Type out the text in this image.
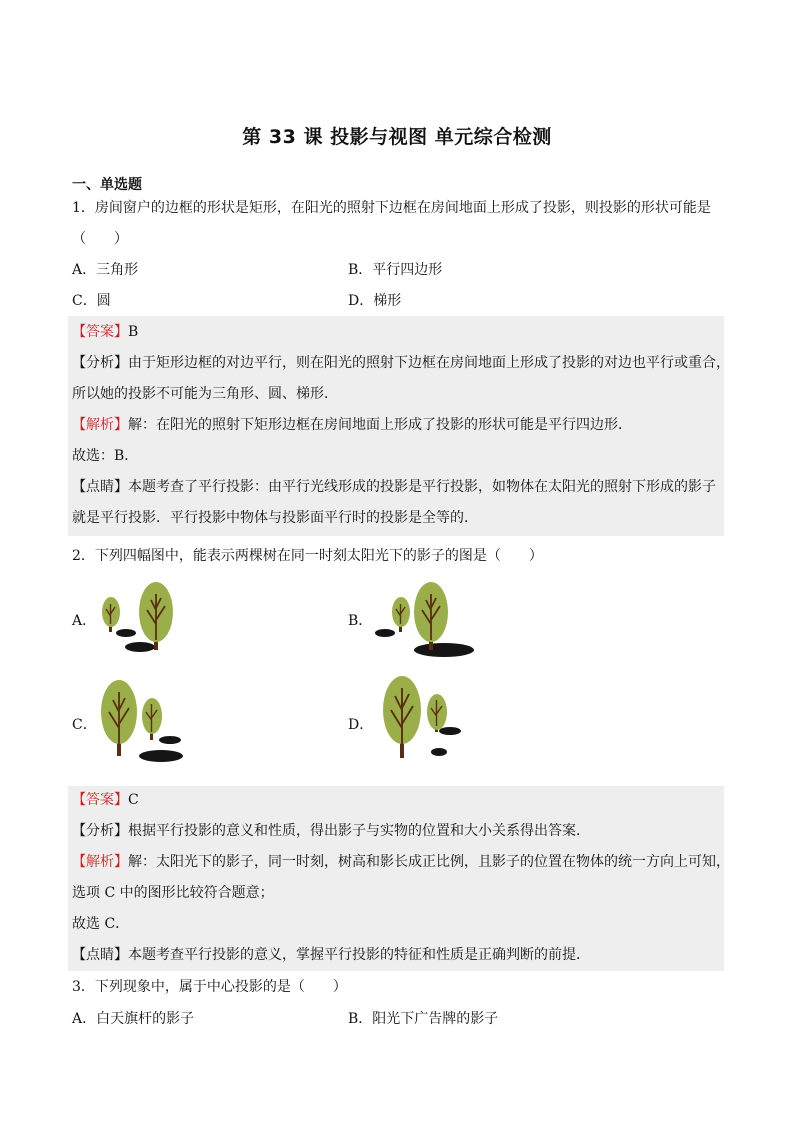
第 33 课 投影与视图 单元综合检测
一、单选题
1．房间窗户的边框的形状是矩形，在阳光的照射下边框在房间地面上形成了投影，则投影的形状可能是
（　　）
A．三角形	B．平行四边形
C．圆	D．梯形
【答案】B
【分析】由于矩形边框的对边平行，则在阳光的照射下边框在房间地面上形成了投影的对边也平行或重合，
所以她的投影不可能为三角形、圆、梯形．
【解析】解：在阳光的照射下矩形边框在房间地面上形成了投影的形状可能是平行四边形．
故选：B．
【点睛】本题考查了平行投影：由平行光线形成的投影是平行投影，如物体在太阳光的照射下形成的影子
就是平行投影．平行投影中物体与投影面平行时的投影是全等的．
2．下列四幅图中，能表示两棵树在同一时刻太阳光下的影子的图是（　　）
A．	B．
C．	D．
【答案】C
【分析】根据平行投影的意义和性质，得出影子与实物的位置和大小关系得出答案．
【解析】解：太阳光下的影子，同一时刻，树高和影长成正比例，且影子的位置在物体的统一方向上可知，
选项 C 中的图形比较符合题意；
故选 C．
【点睛】本题考查平行投影的意义，掌握平行投影的特征和性质是正确判断的前提．
3．下列现象中，属于中心投影的是（　　）
A．白天旗杆的影子	B．阳光下广告牌的影子
